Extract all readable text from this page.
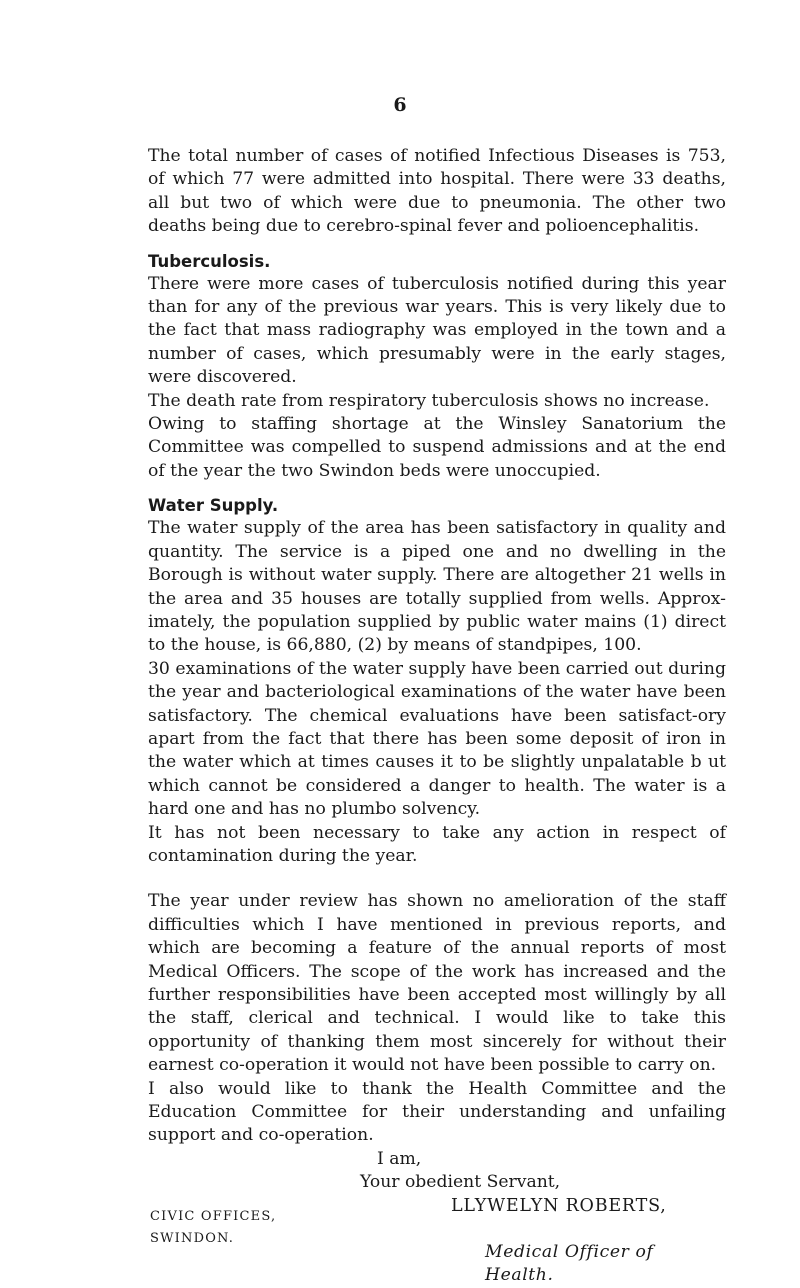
6

The total number of cases of notified Infectious Diseases is 753, of which 77 were admitted into hospital. There were 33 deaths, all but two of which were due to pneumonia. The other two deaths being due to cerebro-spinal fever and polioencephalitis.

Tuberculosis.

There were more cases of tuberculosis notified during this year than for any of the previous war years. This is very likely due to the fact that mass radiography was employed in the town and a number of cases, which presumably were in the early stages, were discovered.

The death rate from respiratory tuberculosis shows no increase.

Owing to staffing shortage at the Winsley Sanatorium the Committee was compelled to suspend admissions and at the end of the year the two Swindon beds were unoccupied.

Water Supply.

The water supply of the area has been satisfactory in quality and quantity. The service is a piped one and no dwelling in the Borough is without water supply. There are altogether 21 wells in the area and 35 houses are totally supplied from wells. Approx-imately, the population supplied by public water mains (1) direct to the house, is 66,880, (2) by means of standpipes, 100.

30 examinations of the water supply have been carried out during the year and bacteriological examinations of the water have been satisfactory. The chemical evaluations have been satisfact-ory apart from the fact that there has been some deposit of iron in the water which at times causes it to be slightly unpalatable b ut which cannot be considered a danger to health. The water is a hard one and has no plumbo solvency.

It has not been necessary to take any action in respect of contamination during the year.

The year under review has shown no amelioration of the staff difficulties which I have mentioned in previous reports, and which are becoming a feature of the annual reports of most Medical Officers. The scope of the work has increased and the further responsibilities have been accepted most willingly by all the staff, clerical and technical. I would like to take this opportunity of thanking them most sincerely for without their earnest co-operation it would not have been possible to carry on.

I also would like to thank the Health Committee and the Education Committee for their understanding and unfailing support and co-operation.

I am,
Your obedient Servant,
LLYWELYN ROBERTS,
Medical Officer of Health.
CIVIC OFFICES,
SWINDON.
